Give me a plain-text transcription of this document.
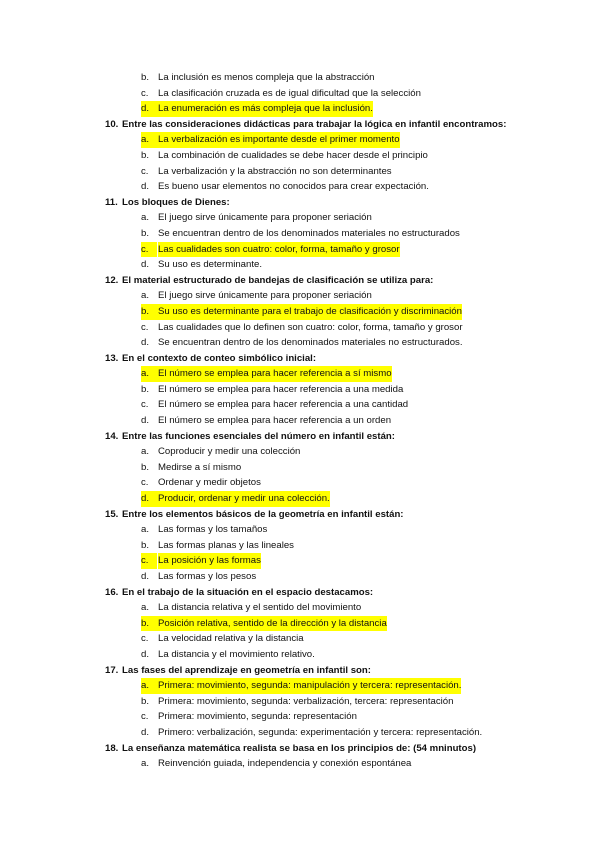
b. La inclusión es menos compleja que la abstracción
c. La clasificación cruzada es de igual dificultad que la selección
d. La enumeración es más compleja que la inclusión.
10. Entre las consideraciones didácticas para trabajar la lógica en infantil encontramos:
a. La verbalización es importante desde el primer momento
b. La combinación de cualidades se debe hacer desde el principio
c. La verbalización y la abstracción no son determinantes
d. Es bueno usar elementos no conocidos para crear expectación.
11. Los bloques de Dienes:
a. El juego sirve únicamente para proponer seriación
b. Se encuentran dentro de los denominados materiales no estructurados
c. Las cualidades son cuatro: color, forma, tamaño y grosor
d. Su uso es determinante.
12. El material estructurado de bandejas de clasificación se utiliza para:
a. El juego sirve únicamente para proponer seriación
b. Su uso es determinante para el trabajo de clasificación y discriminación
c. Las cualidades que lo definen son cuatro: color, forma, tamaño y grosor
d. Se encuentran dentro de los denominados materiales no estructurados.
13. En el contexto de conteo simbólico inicial:
a. El número se emplea para hacer referencia a sí mismo
b. El número se emplea para hacer referencia a una medida
c. El número se emplea para hacer referencia a una cantidad
d. El número se emplea para hacer referencia a un orden
14. Entre las funciones esenciales del número en infantil están:
a. Coproducir y medir una colección
b. Medirse a sí mismo
c. Ordenar y medir objetos
d. Producir, ordenar y medir una colección.
15. Entre los elementos básicos de la geometría en infantil están:
a. Las formas y los tamaños
b. Las formas planas y las lineales
c. La posición y las formas
d. Las formas y los pesos
16. En el trabajo de la situación en el espacio destacamos:
a. La distancia relativa y el sentido del movimiento
b. Posición relativa, sentido de la dirección y la distancia
c. La velocidad relativa y la distancia
d. La distancia y el movimiento relativo.
17. Las fases del aprendizaje en geometría en infantil son:
a. Primera: movimiento, segunda: manipulación y tercera: representación.
b. Primera: movimiento, segunda: verbalización, tercera: representación
c. Primera: movimiento, segunda: representación
d. Primero: verbalización, segunda: experimentación y tercera: representación.
18. La enseñanza matemática realista se basa en los principios de: (54 mninutos)
a. Reinvención guiada, independencia y conexión espontánea
